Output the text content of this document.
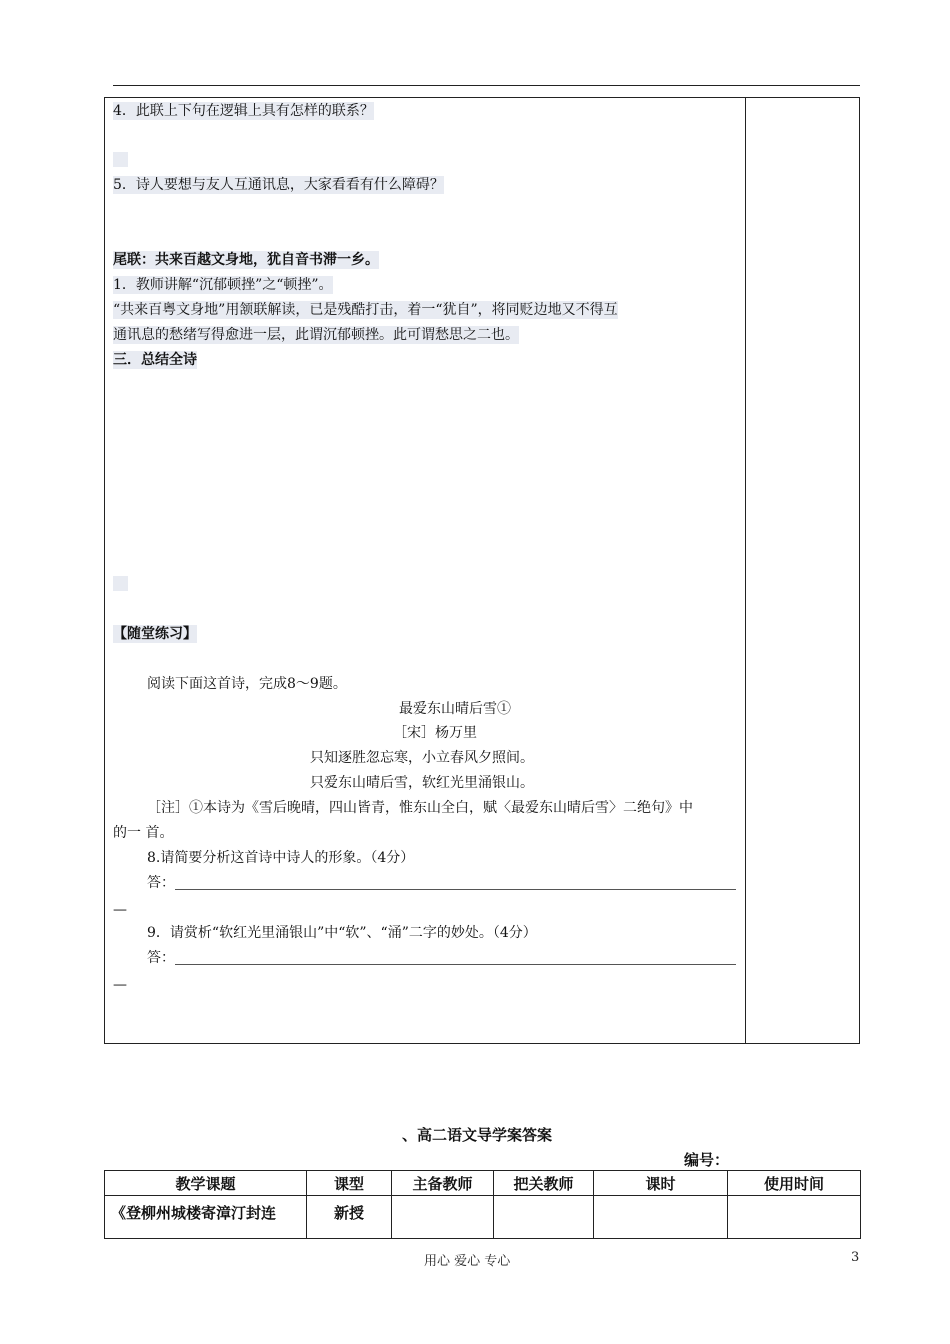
4．此联上下句在逻辑上具有怎样的联系？
5．诗人要想与友人互通讯息，大家看看有什么障碍？
尾联：共来百越文身地，犹自音书滞一乡。
1．教师讲解“沉郁顿挫”之“顿挫”。
“共来百粤文身地”用颔联解读，已是残酷打击，着一“犹自”，将同贬边地又不得互
通讯息的愁绪写得愈进一层，此谓沉郁顿挫。此可谓愁思之二也。
三．总结全诗
【随堂练习】
阅读下面这首诗，完成8～9题。
最爱东山晴后雪①
［宋］杨万里
只知逐胜忽忘寒，小立春风夕照间。
只爱东山晴后雪，软红光里涌银山。
［注］①本诗为《雪后晚晴，四山皆青，惟东山全白，赋〈最爱东山晴后雪〉二绝句》中
的一 首。
8.请简要分析这首诗中诗人的形象。（4分）
答：
—
9．请赏析“软红光里涌银山”中“软”、“涌”二字的妙处。（4分）
答：
—
、高二语文导学案答案
编号：
教学课题	课型	主备教师	把关教师	课时	使用时间
《登柳州城楼寄漳汀封连	新授				
用心 爱心 专心	3
